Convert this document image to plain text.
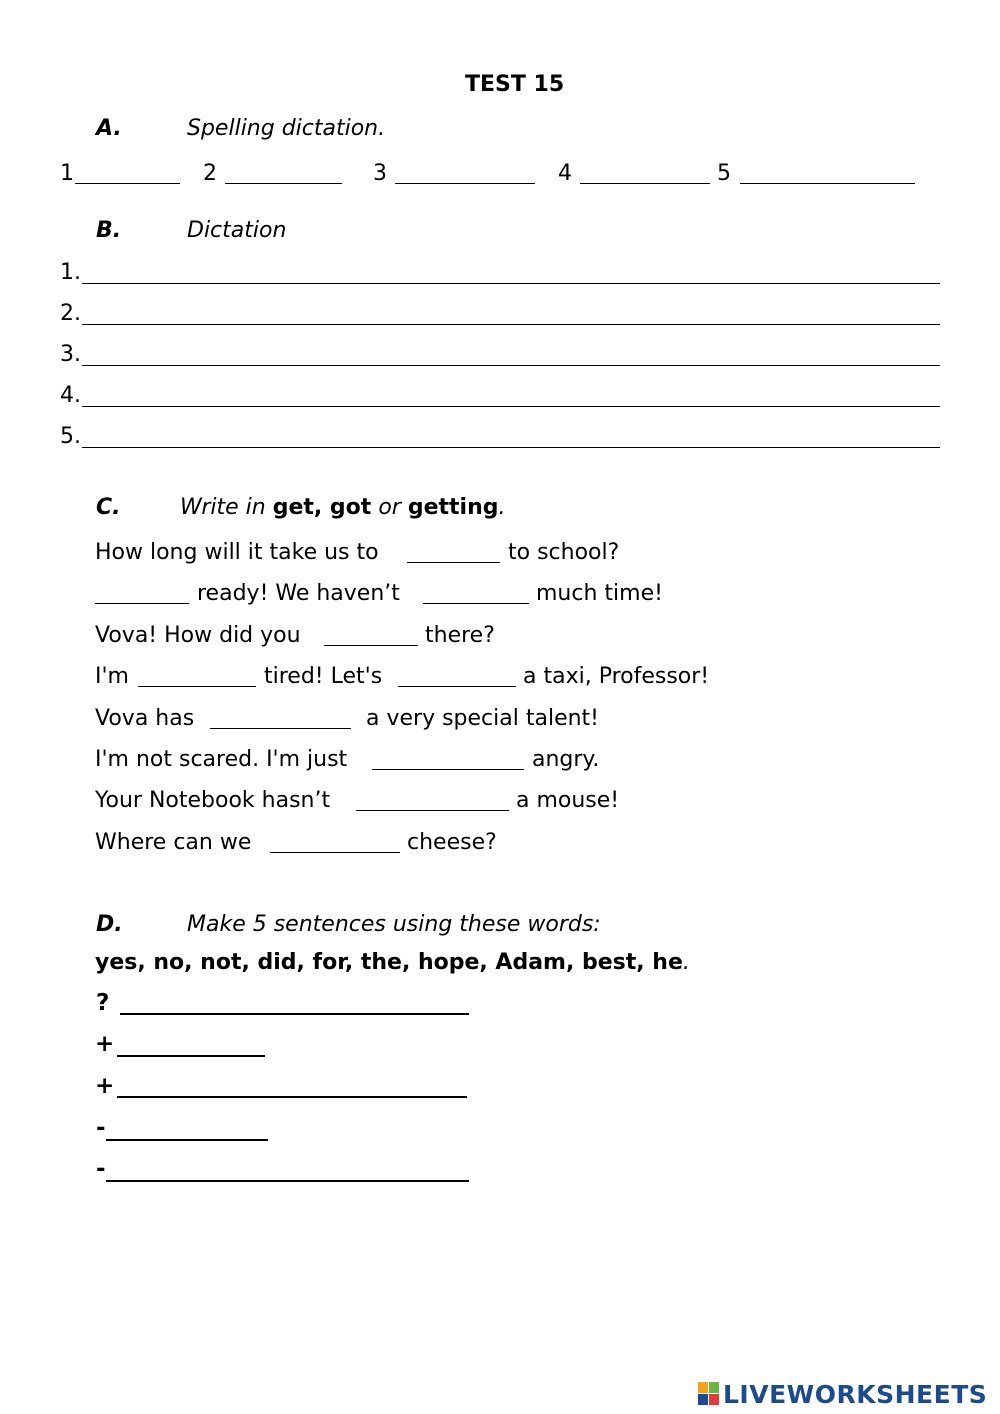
TEST 15
A.	Spelling dictation.
1	2	3	4	5
B.	Dictation
1.
2.
3.
4.
5.
C.	Write in get, got or getting.
How long will it take us to	to school?
ready! We haven’t	much time!
Vova! How did you	there?
I'm	tired! Let's	a taxi, Professor!
Vova has	a very special talent!
I'm not scared. I'm just	angry.
Your Notebook hasn’t	a mouse!
Where can we	cheese?
D.	Make 5 sentences using these words:
yes, no, not, did, for, the, hope, Adam, best, he.
?
+
+
-
-
LIVEWORKSHEETS
